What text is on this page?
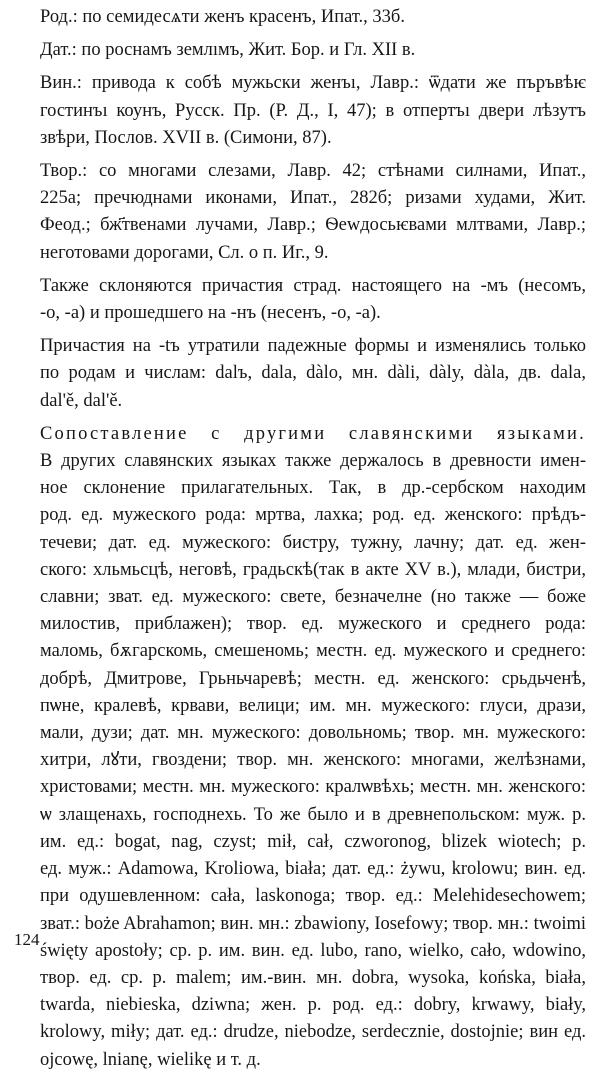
Род.: по семидесѧти женъ красенъ, Ипат., 33б.
Дат.: по роснамъ землıмъ, Жит. Бор. и Гл. XII в.
Вин.: привода к собѣ мужьски женъı, Лавр.: ѿдати же пъръвѣѥ
гостинъı коунъ, Русск. Пр. (Р. Д., I, 47); в отпертъı двери лѣзутъ
звѣри, Послов. XVII в. (Симони, 87).
Твор.: со многами слезами, Лавр. 42; стѣнами силнами, Ипат.,
225а; пречюднами иконами, Ипат., 282б; ризами худами, Жит.
Феод.; бж҃твенами лучами, Лавр.; Ѳеwдосьѥвами млтвами, Лавр.;
неготовами дорогами, Сл. о п. Иг., 9.
Также склоняются причастия страд. настоящего на -мъ (несомъ,
-о, -а) и прошедшего на -нъ (несенъ, -о, -а).
Причастия на -tъ утратили падежные формы и изменялись только
по родам и числам: dalъ, dala, dàlo, мн. dàli, dàly, dàla, дв. dala,
dal'ě, dal'ě.
Сопоставление с другими славянскими языками.
В других славянских языках также держалось в древности имен-
ное склонение прилагательных. Так, в др.-сербском находим
род. ед. мужеского рода: мртва, лахка; род. ед. женского: прѣдъ-
течеви; дат. ед. мужеского: бистру, тужну, лачну; дат. ед. жен-
ского: хльмьсцѣ, неговѣ, градьскѣ(так в акте XV в.), млади, бистри,
славни; зват. ед. мужеского: свете, безначелне (но также — боже
милостив, приблажен); твор. ед. мужеского и среднего рода:
маломь, бѫгарскомь, смешеномь; местн. ед. мужеского и среднего:
добрѣ, Дмитрове, Грьньчаревѣ; местн. ед. женского: срьдьченѣ,
пѡне, кралевѣ, крвави, велици; им. мн. мужеского: глуси, дрази,
мали, дузи; дат. мн. мужеского: довольномь; твор. мн. мужеского:
хитри, лꙋти, гвоздени; твор. мн. женского: многами, желѣзнами,
христовами; местн. мн. мужеского: кралѡвѣхь; местн. мн. женского:
ѡ злащенахь, господнехь. То же было и в древнепольском: муж. р.
им. ед.: bogat, nag, czyst; mił, cał, czworonog, blizek wiotech; р.
ед. муж.: Adamowa, Kroliowa, biała; дат. ед.: żywu, krolowu; вин. ед.
при одушевленном: cała, laskonoga; твор. ед.: Melehidesechowem;
зват.: boże Abrahamon; вин. мн.: zbawiony, Iosefowy; твор. мн.: twoimi
święty apostoły; ср. р. им. вин. ед. lubo, rano, wielko, cało, wdowino,
твор. ед. ср. р. malem; им.-вин. мн. dobra, wysoka, końska, biała,
twarda, niebieska, dziwna; жен. р. род. ед.: dobry, krwawy, biały,
krolowy, miły; дат. ед.: drudze, niebodze, serdecznie, dostojnie; вин ед.
ojcowę, lnianę, wielikę и т. д.
124
